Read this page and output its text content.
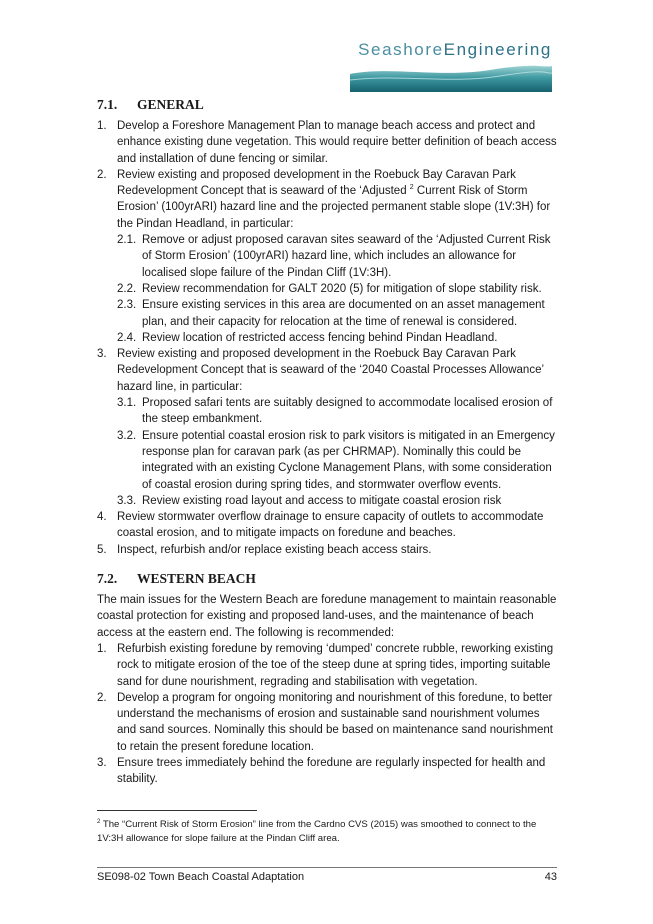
SeashoreEngineering
7.1. GENERAL
1. Develop a Foreshore Management Plan to manage beach access and protect and enhance existing dune vegetation. This would require better definition of beach access and installation of dune fencing or similar.
2. Review existing and proposed development in the Roebuck Bay Caravan Park Redevelopment Concept that is seaward of the ‘Adjusted $^2$ Current Risk of Storm Erosion’ (100yrARI) hazard line and the projected permanent stable slope (1V:3H) for the Pindan Headland, in particular:
2.1. Remove or adjust proposed caravan sites seaward of the ‘Adjusted Current Risk of Storm Erosion’ (100yrARI) hazard line, which includes an allowance for localised slope failure of the Pindan Cliff (1V:3H).
2.2. Review recommendation for GALT 2020 (5) for mitigation of slope stability risk.
2.3. Ensure existing services in this area are documented on an asset management plan, and their capacity for relocation at the time of renewal is considered.
2.4. Review location of restricted access fencing behind Pindan Headland.
3. Review existing and proposed development in the Roebuck Bay Caravan Park Redevelopment Concept that is seaward of the ‘2040 Coastal Processes Allowance’ hazard line, in particular:
3.1. Proposed safari tents are suitably designed to accommodate localised erosion of the steep embankment.
3.2. Ensure potential coastal erosion risk to park visitors is mitigated in an Emergency response plan for caravan park (as per CHRMAP). Nominally this could be integrated with an existing Cyclone Management Plans, with some consideration of coastal erosion during spring tides, and stormwater overflow events.
3.3. Review existing road layout and access to mitigate coastal erosion risk
4. Review stormwater overflow drainage to ensure capacity of outlets to accommodate coastal erosion, and to mitigate impacts on foredune and beaches.
5. Inspect, refurbish and/or replace existing beach access stairs.
7.2. WESTERN BEACH

The main issues for the Western Beach are foredune management to maintain reasonable coastal protection for existing and proposed land-uses, and the maintenance of beach access at the eastern end. The following is recommended:

1. Refurbish existing foredune by removing ‘dumped’ concrete rubble, reworking existing rock to mitigate erosion of the toe of the steep dune at spring tides, importing suitable sand for dune nourishment, regrading and stabilisation with vegetation.
2. Develop a program for ongoing monitoring and nourishment of this foredune, to better understand the mechanisms of erosion and sustainable sand nourishment volumes and sand sources. Nominally this should be based on maintenance sand nourishment to retain the present foredune location.
3. Ensure trees immediately behind the foredune are regularly inspected for health and stability.
$^2$ The “Current Risk of Storm Erosion” line from the Cardno CVS (2015) was smoothed to connect to the 1V:3H allowance for slope failure at the Pindan Cliff area.
SE098-02 Town Beach Coastal Adaptation	43
